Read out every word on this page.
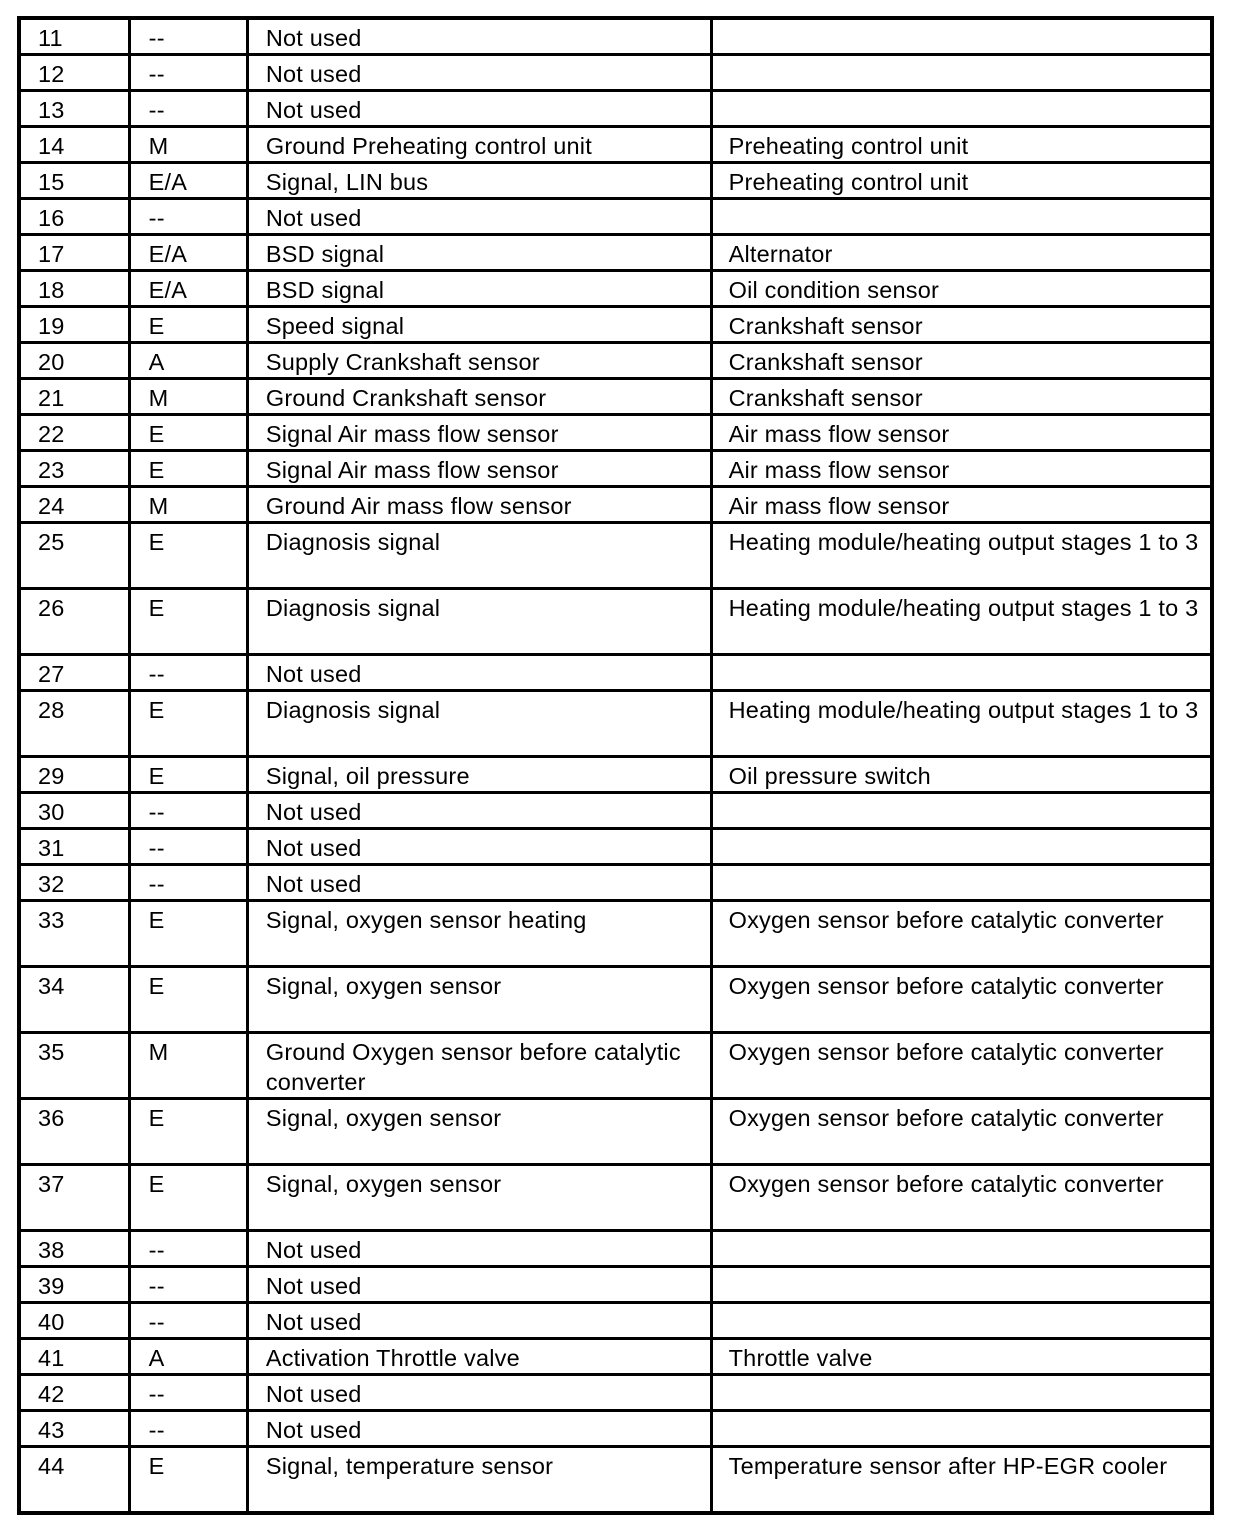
11	--	Not used	
12	--	Not used	
13	--	Not used	
14	M	Ground Preheating control unit	Preheating control unit
15	E/A	Signal, LIN bus	Preheating control unit
16	--	Not used	
17	E/A	BSD signal	Alternator
18	E/A	BSD signal	Oil condition sensor
19	E	Speed signal	Crankshaft sensor
20	A	Supply Crankshaft sensor	Crankshaft sensor
21	M	Ground Crankshaft sensor	Crankshaft sensor
22	E	Signal Air mass flow sensor	Air mass flow sensor
23	E	Signal Air mass flow sensor	Air mass flow sensor
24	M	Ground Air mass flow sensor	Air mass flow sensor
25	E	Diagnosis signal	Heating module/heating output stages 1 to 3
26	E	Diagnosis signal	Heating module/heating output stages 1 to 3
27	--	Not used	
28	E	Diagnosis signal	Heating module/heating output stages 1 to 3
29	E	Signal, oil pressure	Oil pressure switch
30	--	Not used	
31	--	Not used	
32	--	Not used	
33	E	Signal, oxygen sensor heating	Oxygen sensor before catalytic converter
34	E	Signal, oxygen sensor	Oxygen sensor before catalytic converter
35	M	Ground Oxygen sensor before catalytic converter	Oxygen sensor before catalytic converter
36	E	Signal, oxygen sensor	Oxygen sensor before catalytic converter
37	E	Signal, oxygen sensor	Oxygen sensor before catalytic converter
38	--	Not used	
39	--	Not used	
40	--	Not used	
41	A	Activation Throttle valve	Throttle valve
42	--	Not used	
43	--	Not used	
44	E	Signal, temperature sensor	Temperature sensor after HP-EGR cooler
